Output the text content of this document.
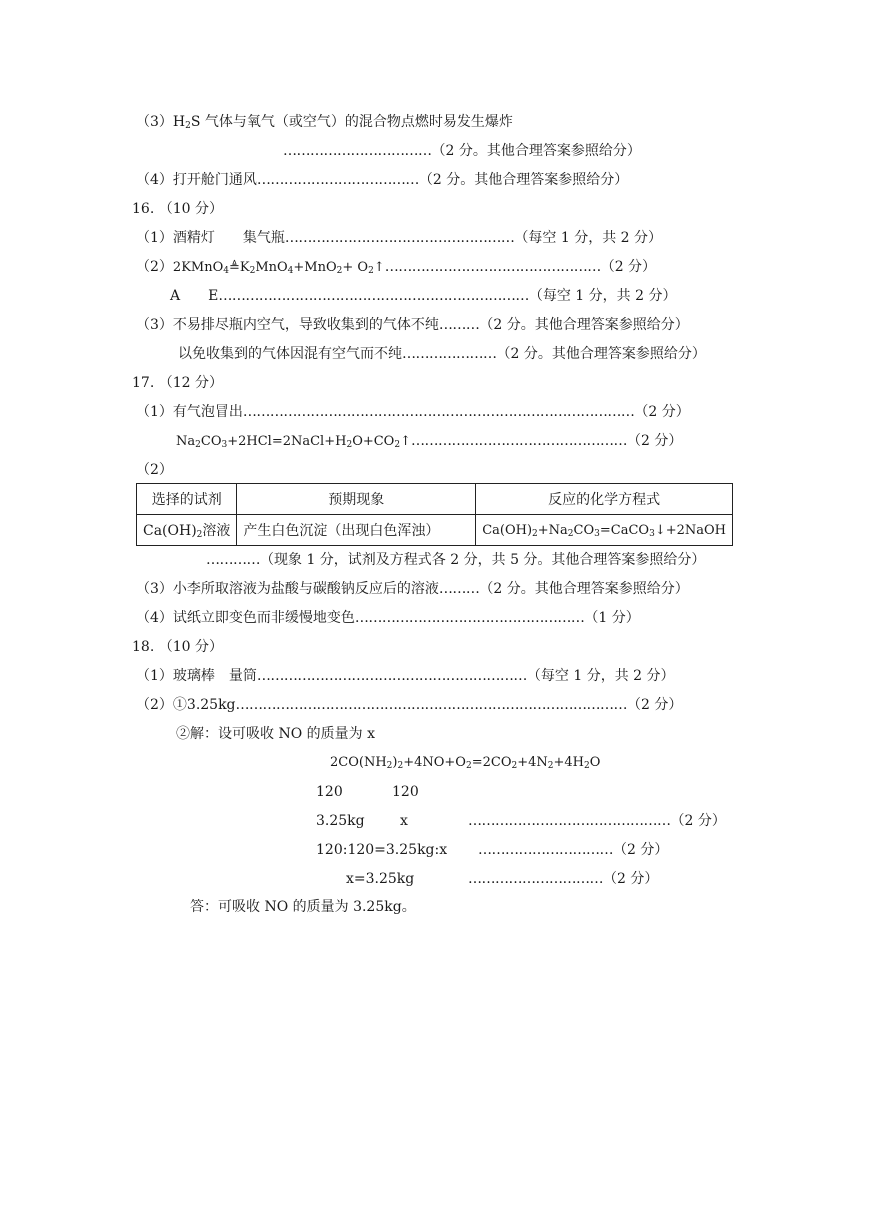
$(3)H_2S$ 气体与氧气（或空气）的混合物点燃时易发生爆炸
……………………………（2 分。其他合理答案参照给分）
（4）打开舱门通风………………………………（2 分。其他合理答案参照给分）
16. （10 分）
（1）酒精灯　　集气瓶……………………………………………（每空 1 分，共 2 分）
$(2)2KMnO_4≜K_2MnO_4+MnO_2+$ $O_2↑\dots\dots\dots\dots\dots\dots\dots\dots\dots\dots\dots\dots\dots\dots\dots\dots(2$ 分）
A　　E……………………………………………………………（每空 1 分，共 2 分）
（3）不易排尽瓶内空气，导致收集到的气体不纯………（2 分。其他合理答案参照给分）
以免收集到的气体因混有空气而不纯…………………（2 分。其他合理答案参照给分）
17. （12 分）
（1）有气泡冒出……………………………………………………………………………（2 分）
$Na_2CO_3+2HCl=2NaCl+H_2O+CO_2↑\dots\dots\dots\dots\dots\dots\dots\dots\dots\dots\dots\dots\dots\dots\dots\dots(2$ 分）
（2）
选择的试剂	预期现象	反应的化学方程式
$Ca(OH)_2$溶液	产生白色沉淀（出现白色浑浊）	$Ca(OH)_2+Na_2CO_3=CaCO_3↓+2NaOH$
…………（现象 1 分，试剂及方程式各 2 分，共 5 分。其他合理答案参照给分）
（3）小李所取溶液为盐酸与碳酸钠反应后的溶液………（2 分。其他合理答案参照给分）
（4）试纸立即变色而非缓慢地变色……………………………………………（1 分）
18. （10 分）
（1）玻璃棒　量筒……………………………………………………（每空 1 分，共 2 分）
（2）①3.25kg……………………………………………………………………………（2 分）
②解：设可吸收 NO 的质量为 x
$2CO(NH_2)_2+4NO+O_2=2CO_2+4N_2+4H_2O$
120	120
3.25kg	x	………………………………………（2 分）
120:120=3.25kg:x …………………………（2 分）
x=3.25kg	…………………………（2 分）
答：可吸收 NO 的质量为 3.25kg。
